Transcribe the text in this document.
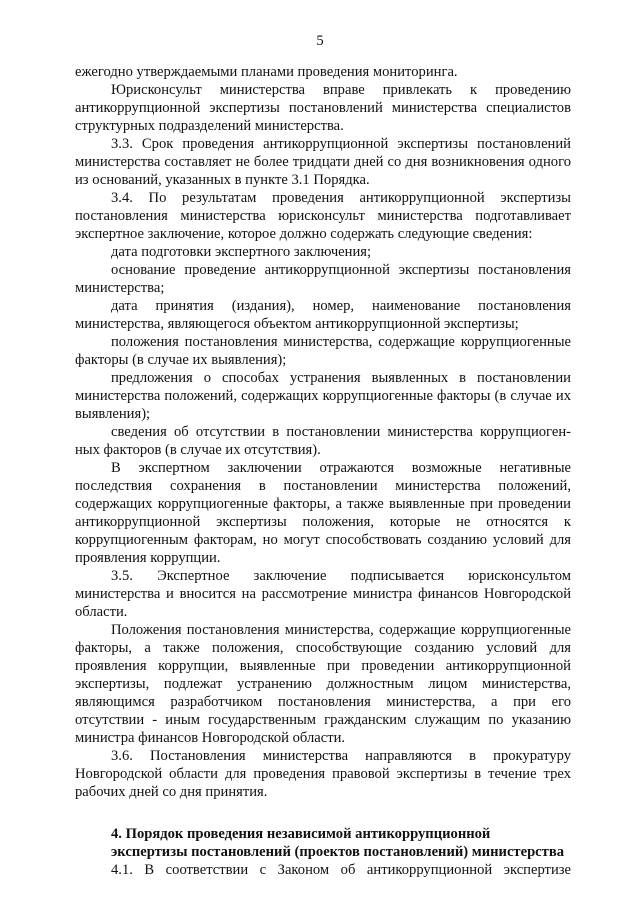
5

ежегодно утверждаемыми планами проведения мониторинга.

Юрисконсульт министерства вправе привлекать к проведению антикоррупционной экспертизы постановлений министерства специалистов структурных подразделений министерства.

3.3. Срок проведения антикоррупционной экспертизы постановлений министерства составляет не более тридцати дней со дня возникновения одного из оснований, указанных в пункте 3.1 Порядка.

3.4. По результатам проведения антикоррупционной экспертизы постановления министерства юрисконсульт министерства подготавливает экспертное заключение, которое должно содержать следующие сведения:

дата подготовки экспертного заключения;

основание проведение антикоррупционной экспертизы постановления министерства;

дата принятия (издания), номер, наименование постановления министерства, являющегося объектом антикоррупционной экспертизы;

положения постановления министерства, содержащие коррупциогенные факторы (в случае их выявления);

предложения о способах устранения выявленных в постановлении министерства положений, содержащих коррупциогенные факторы (в случае их выявления);

сведения об отсутствии в постановлении министерства коррупциоген-ных факторов (в случае их отсутствия).

В экспертном заключении отражаются возможные негативные последствия сохранения в постановлении министерства положений, содержащих коррупциогенные факторы, а также выявленные при проведении антикоррупционной экспертизы положения, которые не относятся к коррупциогенным факторам, но могут способствовать созданию условий для проявления коррупции.

3.5. Экспертное заключение подписывается юрисконсультом министерства и вносится на рассмотрение министра финансов Новгородской области.

Положения постановления министерства, содержащие коррупциогенные факторы, а также положения, способствующие созданию условий для проявления коррупции, выявленные при проведении антикоррупционной экспертизы, подлежат устранению должностным лицом министерства, являющимся разработчиком постановления министерства, а при его отсутствии - иным государственным гражданским служащим по указанию министра финансов Новгородской области.

3.6. Постановления министерства направляются в прокуратуру Новгородской области для проведения правовой экспертизы в течение трех рабочих дней со дня принятия.

4. Порядок проведения независимой антикоррупционной

экспертизы постановлений (проектов постановлений) министерства

4.1. В соответствии с Законом об антикоррупционной экспертизе
